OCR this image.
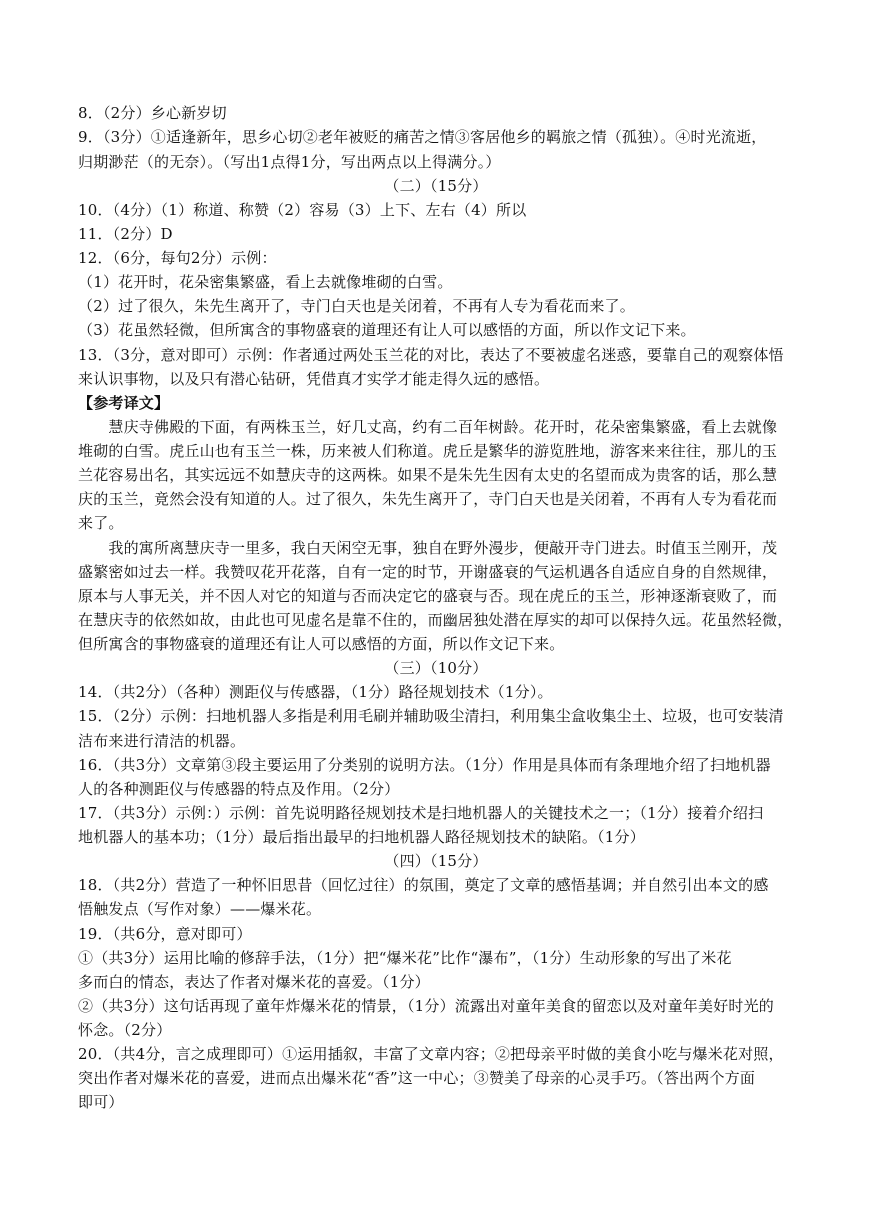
8．（2分）乡心新岁切
9．（3分）①适逢新年，思乡心切②老年被贬的痛苦之情③客居他乡的羁旅之情（孤独）。④时光流逝，
归期渺茫（的无奈）。（写出1点得1分，写出两点以上得满分。）
（二）（15分）
10．（4分）（1）称道、称赞（2）容易（3）上下、左右（4）所以
11．（2分）D
12．（6分，每句2分）示例：
（1）花开时，花朵密集繁盛，看上去就像堆砌的白雪。
（2）过了很久，朱先生离开了，寺门白天也是关闭着，不再有人专为看花而来了。
（3）花虽然轻微，但所寓含的事物盛衰的道理还有让人可以感悟的方面，所以作文记下来。
13．（3分，意对即可）示例：作者通过两处玉兰花的对比，表达了不要被虚名迷惑，要靠自己的观察体悟
来认识事物，以及只有潜心钻研，凭借真才实学才能走得久远的感悟。
【参考译文】
　　慧庆寺佛殿的下面，有两株玉兰，好几丈高，约有二百年树龄。花开时，花朵密集繁盛，看上去就像
堆砌的白雪。虎丘山也有玉兰一株，历来被人们称道。虎丘是繁华的游览胜地，游客来来往往，那儿的玉
兰花容易出名，其实远远不如慧庆寺的这两株。如果不是朱先生因有太史的名望而成为贵客的话，那么慧
庆的玉兰，竟然会没有知道的人。过了很久，朱先生离开了，寺门白天也是关闭着，不再有人专为看花而
来了。
　　我的寓所离慧庆寺一里多，我白天闲空无事，独自在野外漫步，便敲开寺门进去。时值玉兰刚开，茂
盛繁密如过去一样。我赞叹花开花落，自有一定的时节，开谢盛衰的气运机遇各自适应自身的自然规律，
原本与人事无关，并不因人对它的知道与否而决定它的盛衰与否。现在虎丘的玉兰，形神逐渐衰败了，而
在慧庆寺的依然如故，由此也可见虚名是靠不住的，而幽居独处潜在厚实的却可以保持久远。花虽然轻微，
但所寓含的事物盛衰的道理还有让人可以感悟的方面，所以作文记下来。
（三）（10分）
14．（共2分）（各种）测距仪与传感器，（1分）路径规划技术（1分）。
15．（2分）示例：扫地机器人多指是利用毛刷并辅助吸尘清扫，利用集尘盒收集尘土、垃圾，也可安装清
洁布来进行清洁的机器。
16．（共3分）文章第③段主要运用了分类别的说明方法。（1分）作用是具体而有条理地介绍了扫地机器
人的各种测距仪与传感器的特点及作用。（2分）
17．（共3分）示例：）示例：首先说明路径规划技术是扫地机器人的关键技术之一；（1分）接着介绍扫
地机器人的基本功；（1分）最后指出最早的扫地机器人路径规划技术的缺陷。（1分）
（四）（15分）
18．（共2分）营造了一种怀旧思昔（回忆过往）的氛围，奠定了文章的感悟基调；并自然引出本文的感
悟触发点（写作对象）——爆米花。
19．（共6分，意对即可）
①（共3分）运用比喻的修辞手法，（1分）把“爆米花”比作“瀑布”，（1分）生动形象的写出了米花
多而白的情态，表达了作者对爆米花的喜爱。（1分）
②（共3分）这句话再现了童年炸爆米花的情景，（1分）流露出对童年美食的留恋以及对童年美好时光的
怀念。（2分）
20．（共4分，言之成理即可）①运用插叙，丰富了文章内容；②把母亲平时做的美食小吃与爆米花对照，
突出作者对爆米花的喜爱，进而点出爆米花“香”这一中心；③赞美了母亲的心灵手巧。（答出两个方面
即可）
